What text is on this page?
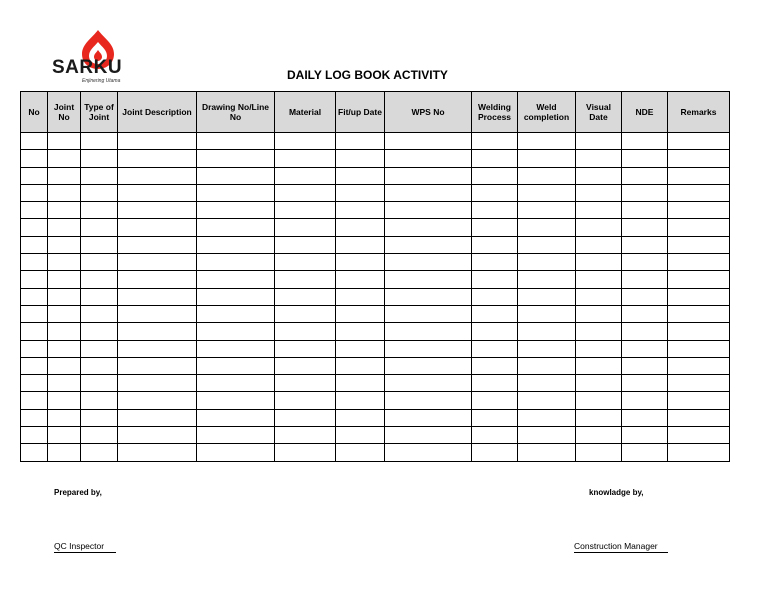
SARKU
Enjinering Utama	DAILY LOG BOOK ACTIVITY
No	Joint No	Type of Joint	Joint Description	Drawing No/Line No	Material	Fit/up Date	WPS No	Welding Process	Weld completion	Visual Date	NDE	Remarks

Prepared by,	knowladge by,
QC Inspector	Construction Manager
